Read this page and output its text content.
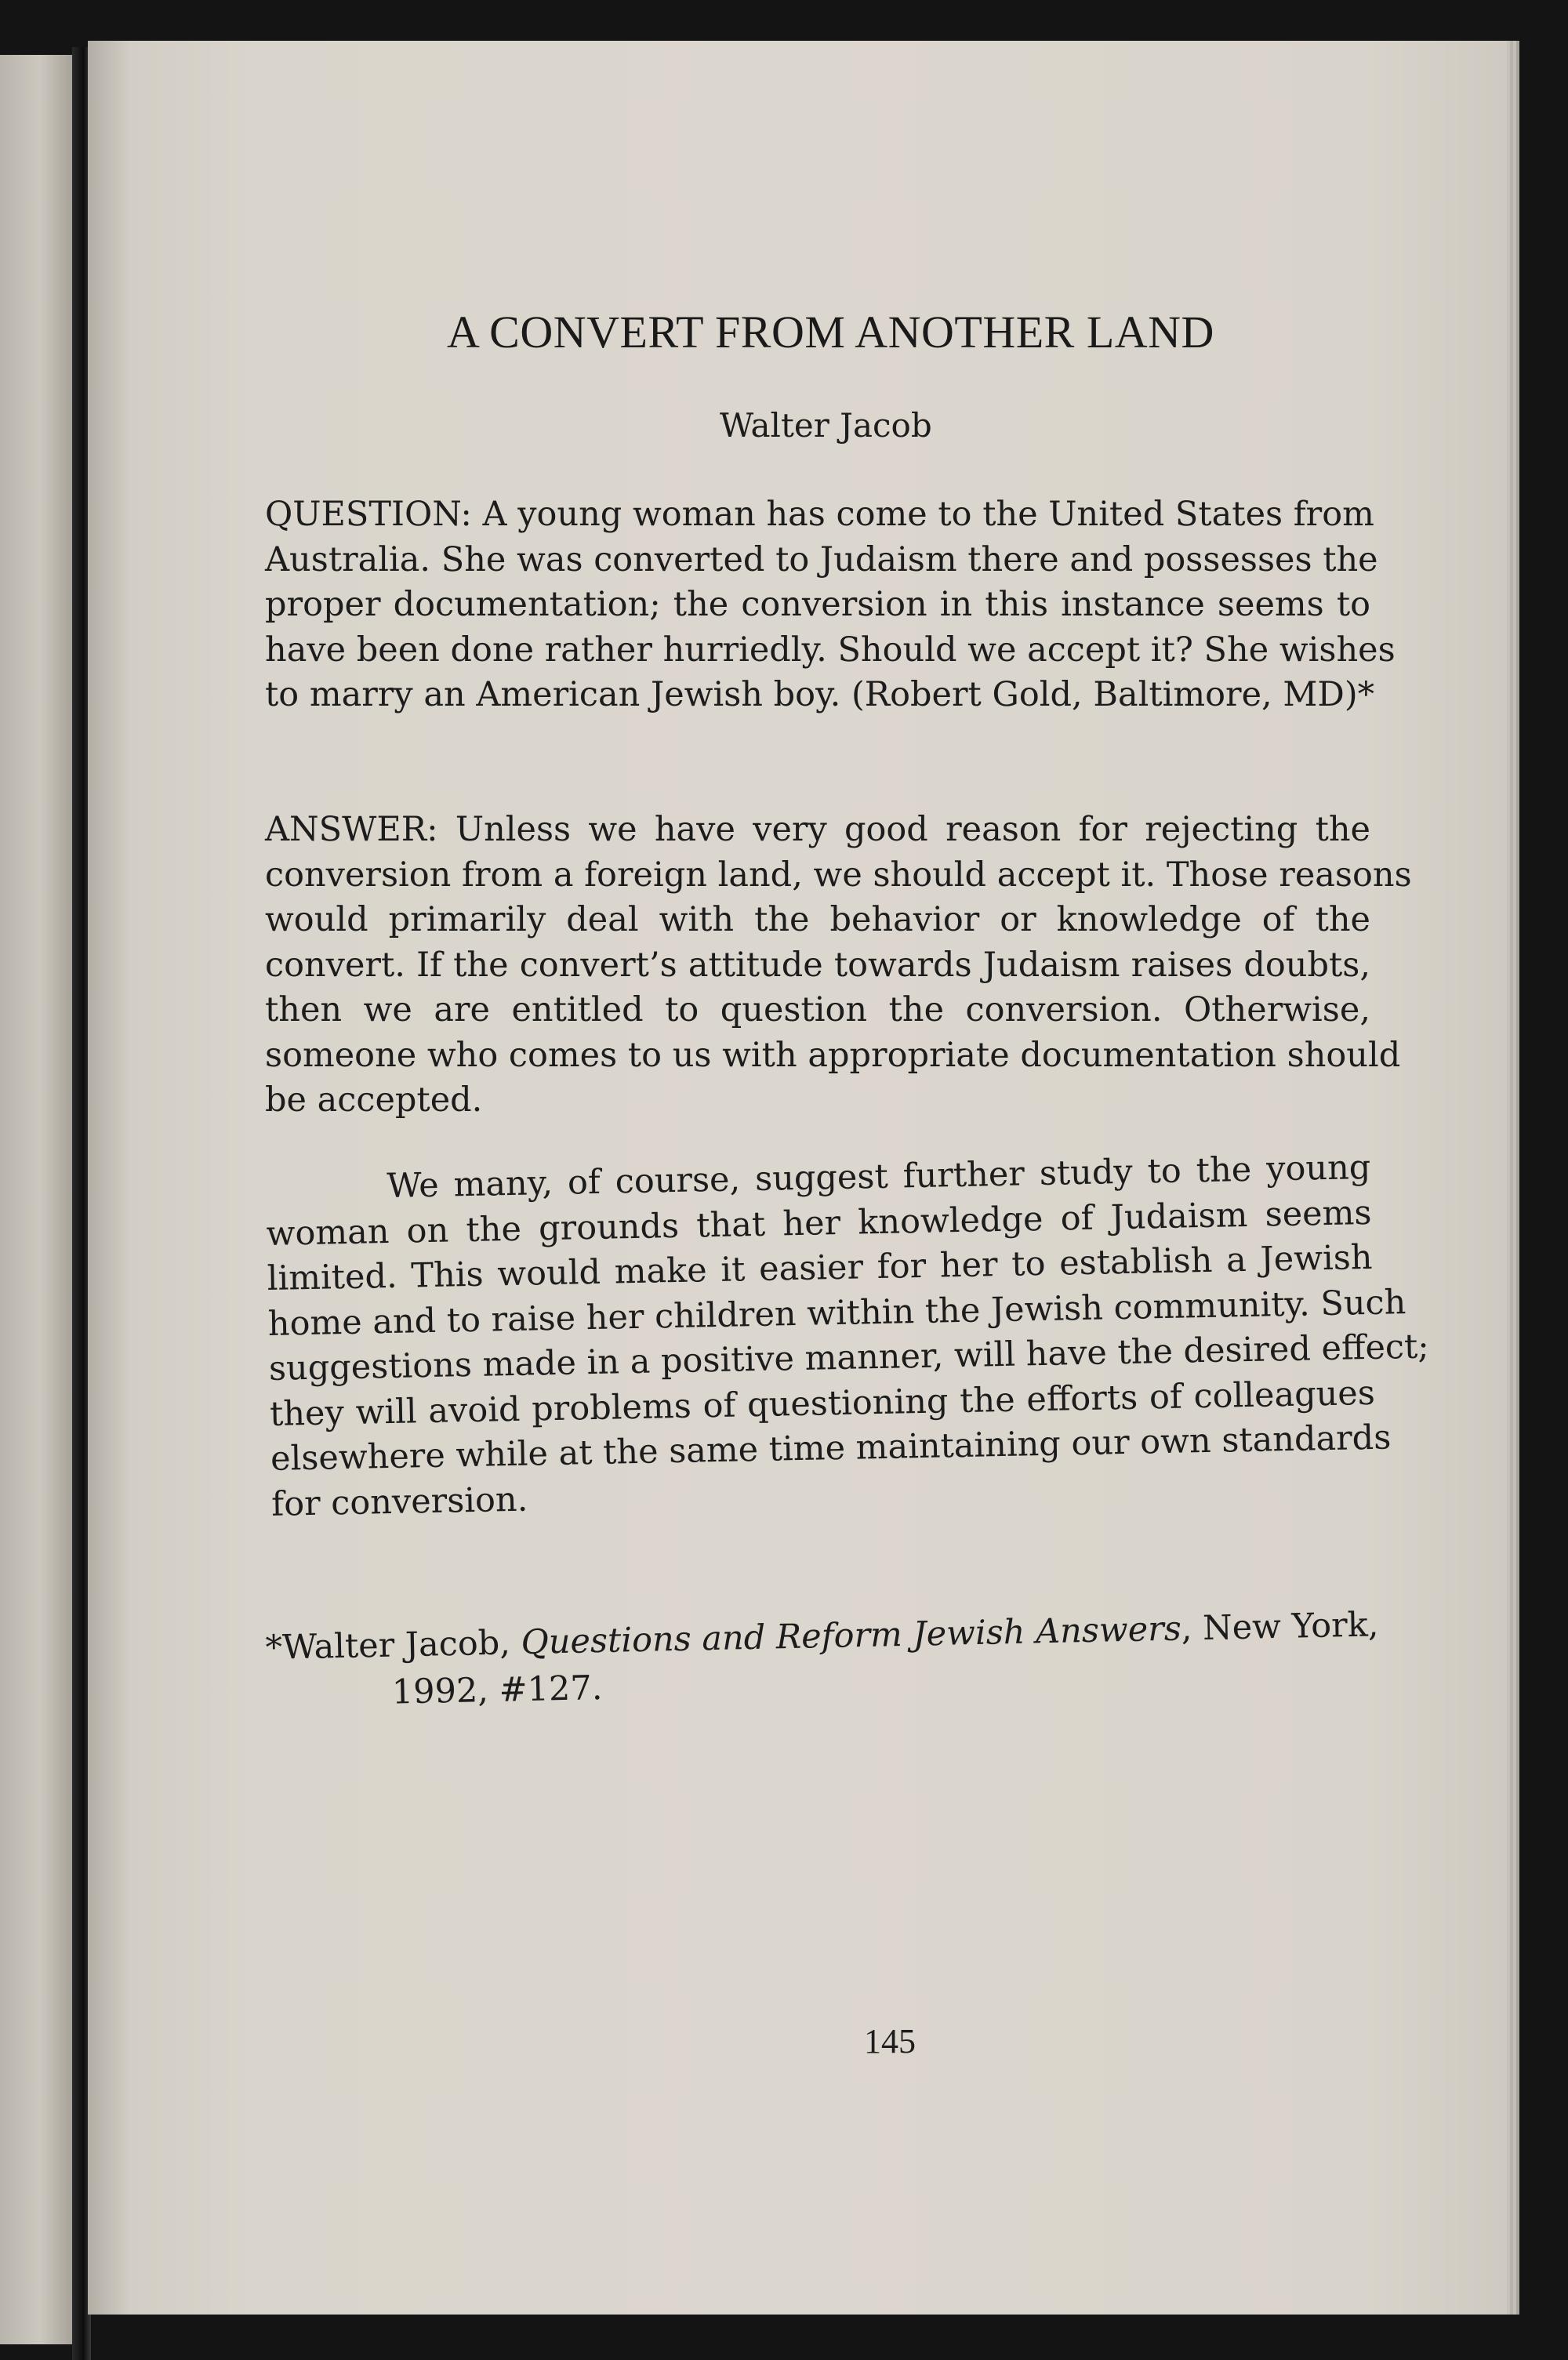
A CONVERT FROM ANOTHER LAND
Walter Jacob
QUESTION: A young woman has come to the United States from
Australia. She was converted to Judaism there and possesses the
proper documentation; the conversion in this instance seems to
have been done rather hurriedly. Should we accept it? She wishes
to marry an American Jewish boy. (Robert Gold, Baltimore, MD)*
ANSWER: Unless we have very good reason for rejecting the
conversion from a foreign land, we should accept it. Those reasons
would primarily deal with the behavior or knowledge of the
convert. If the convert’s attitude towards Judaism raises doubts,
then we are entitled to question the conversion. Otherwise,
someone who comes to us with appropriate documentation should
be accepted.
We many, of course, suggest further study to the young
woman on the grounds that her knowledge of Judaism seems
limited. This would make it easier for her to establish a Jewish
home and to raise her children within the Jewish community. Such
suggestions made in a positive manner, will have the desired effect;
they will avoid problems of questioning the efforts of colleagues
elsewhere while at the same time maintaining our own standards
for conversion.
*Walter Jacob, Questions and Reform Jewish Answers, New York,
1992, #127.
145
